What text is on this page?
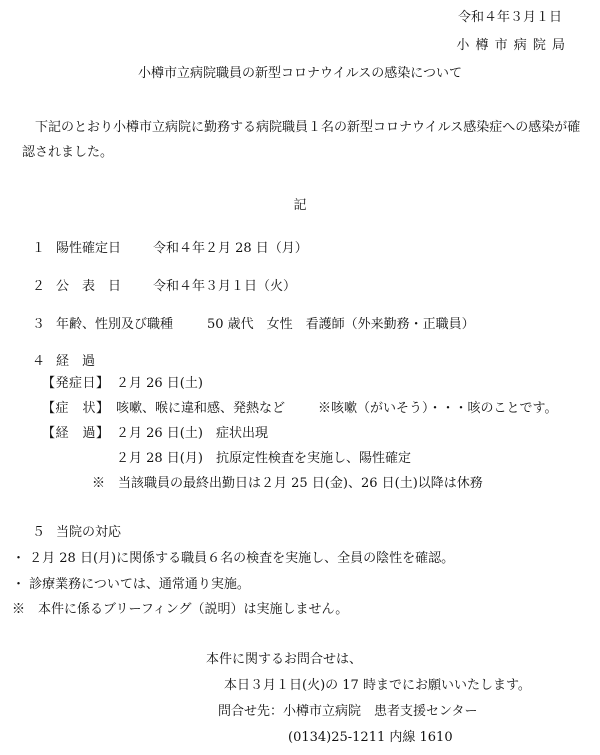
令和４年３月１日
小 樽 市 病 院 局
小樽市立病院職員の新型コロナウイルスの感染について
下記のとおり小樽市立病院に勤務する病院職員１名の新型コロナウイルス感染症への感染が確認されました。
記
１ 陽性確定日 令和４年２月 28 日（月）
２ 公　表　日 令和４年３月１日（火）
３ 年齢、性別及び職種	50 歳代　女性　看護師（外来勤務・正職員）
４ 経　過
【発症日】 ２月 26 日(土)
【症　状】 咳嗽、喉に違和感、発熱など	※咳嗽（がいそう）・・・咳のことです。
【経　過】 ２月 26 日(土)　症状出現
２月 28 日(月)　抗原定性検査を実施し、陽性確定
※　当該職員の最終出勤日は２月 25 日(金)、26 日(土)以降は休務
５ 当院の対応
・ ２月 28 日(月)に関係する職員６名の検査を実施し、全員の陰性を確認。
・ 診療業務については、通常通り実施。
※　本件に係るブリーフィング（説明）は実施しません。
本件に関するお問合せは、
本日３月１日(火)の 17 時までにお願いいたします。
問合せ先：小樽市立病院　患者支援センター
(0134)25-1211 内線 1610
